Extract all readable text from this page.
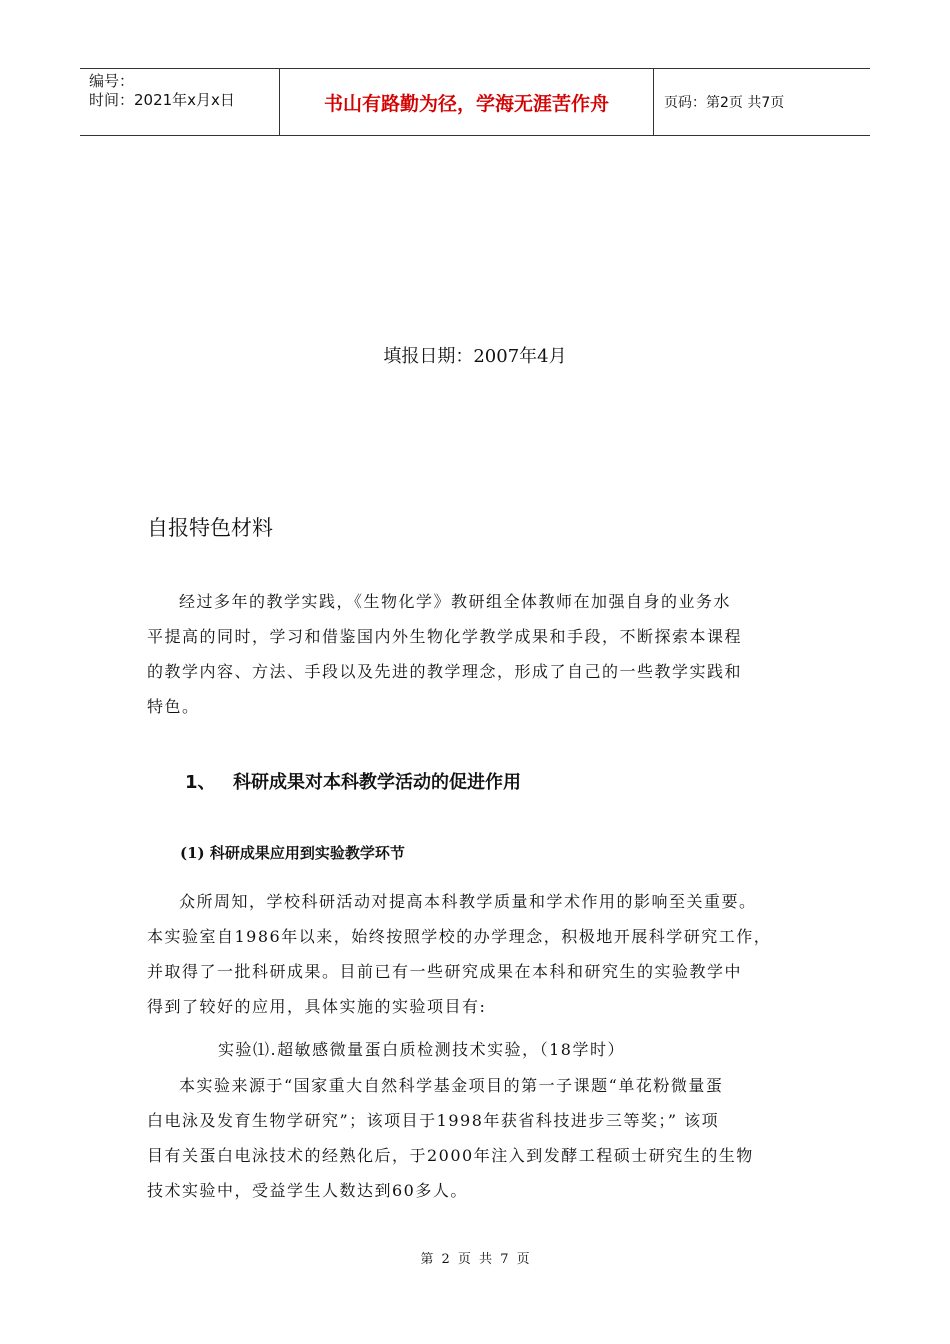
编号：
时间：2021年x月x日	书山有路勤为径，学海无涯苦作舟	页码：第2页 共7页
填报日期：2007年4月
自报特色材料

经过多年的教学实践，《生物化学》教研组全体教师在加强自身的业务水

平提高的同时，学习和借鉴国内外生物化学教学成果和手段，不断探索本课程

的教学内容、方法、手段以及先进的教学理念，形成了自己的一些教学实践和

特色。

1、 科研成果对本科教学活动的促进作用
(1) 科研成果应用到实验教学环节

众所周知，学校科研活动对提高本科教学质量和学术作用的影响至关重要。

本实验室自1986年以来，始终按照学校的办学理念，积极地开展科学研究工作，

并取得了一批科研成果。目前已有一些研究成果在本科和研究生的实验教学中

得到了较好的应用，具体实施的实验项目有:

实验⑴.超敏感微量蛋白质检测技术实验，（18学时）

本实验来源于“国家重大自然科学基金项目的第一子课题“单花粉微量蛋

白电泳及发育生物学研究”；该项目于1998年获省科技进步三等奖；” 该项

目有关蛋白电泳技术的经熟化后，于2000年注入到发酵工程硕士研究生的生物

技术实验中，受益学生人数达到60多人。

第 2 页 共 7 页
